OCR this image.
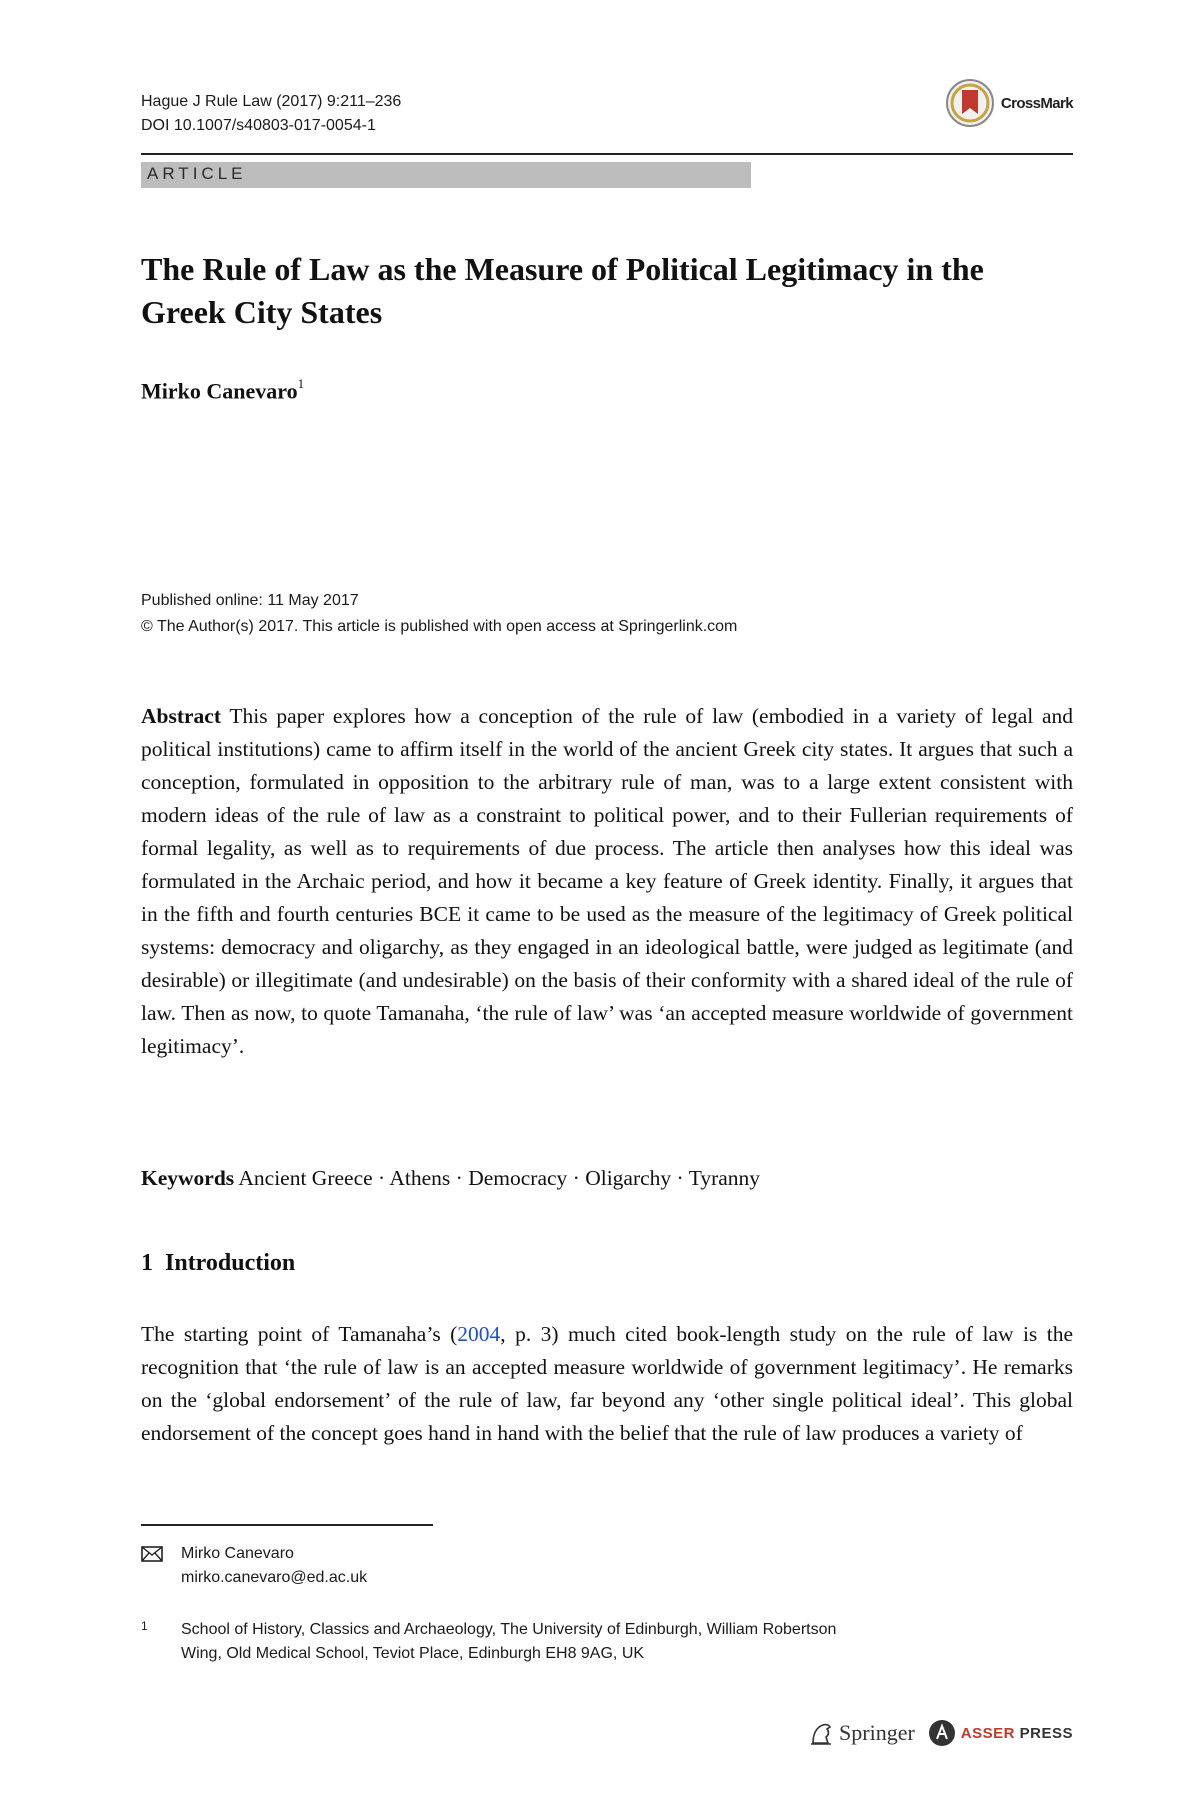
Hague J Rule Law (2017) 9:211–236
DOI 10.1007/s40803-017-0054-1
CrossMark
ARTICLE
The Rule of Law as the Measure of Political Legitimacy in the Greek City States
Mirko Canevaro$^1$
Published online: 11 May 2017
© The Author(s) 2017. This article is published with open access at Springerlink.com

Abstract This paper explores how a conception of the rule of law (embodied in a variety of legal and political institutions) came to affirm itself in the world of the ancient Greek city states. It argues that such a conception, formulated in opposition to the arbitrary rule of man, was to a large extent consistent with modern ideas of the rule of law as a constraint to political power, and to their Fullerian requirements of formal legality, as well as to requirements of due process. The article then analyses how this ideal was formulated in the Archaic period, and how it became a key feature of Greek identity. Finally, it argues that in the fifth and fourth centuries BCE it came to be used as the measure of the legitimacy of Greek political systems: democracy and oligarchy, as they engaged in an ideological battle, were judged as legitimate (and desirable) or illegitimate (and undesirable) on the basis of their conformity with a shared ideal of the rule of law. Then as now, to quote Tamanaha, ‘the rule of law’ was ‘an accepted measure worldwide of government legitimacy’.

Keywords Ancient Greece · Athens · Democracy · Oligarchy · Tyranny

1 Introduction

The starting point of Tamanaha’s (2004, p. 3) much cited book-length study on the rule of law is the recognition that ‘the rule of law is an accepted measure worldwide of government legitimacy’. He remarks on the ‘global endorsement’ of the rule of law, far beyond any ‘other single political ideal’. This global endorsement of the concept goes hand in hand with the belief that the rule of law produces a variety of

Mirko Canevaro
mirko.canevaro@ed.ac.uk
1 School of History, Classics and Archaeology, The University of Edinburgh, William Robertson
Wing, Old Medical School, Teviot Place, Edinburgh EH8 9AG, UK
Springer	ASSER PRESS
